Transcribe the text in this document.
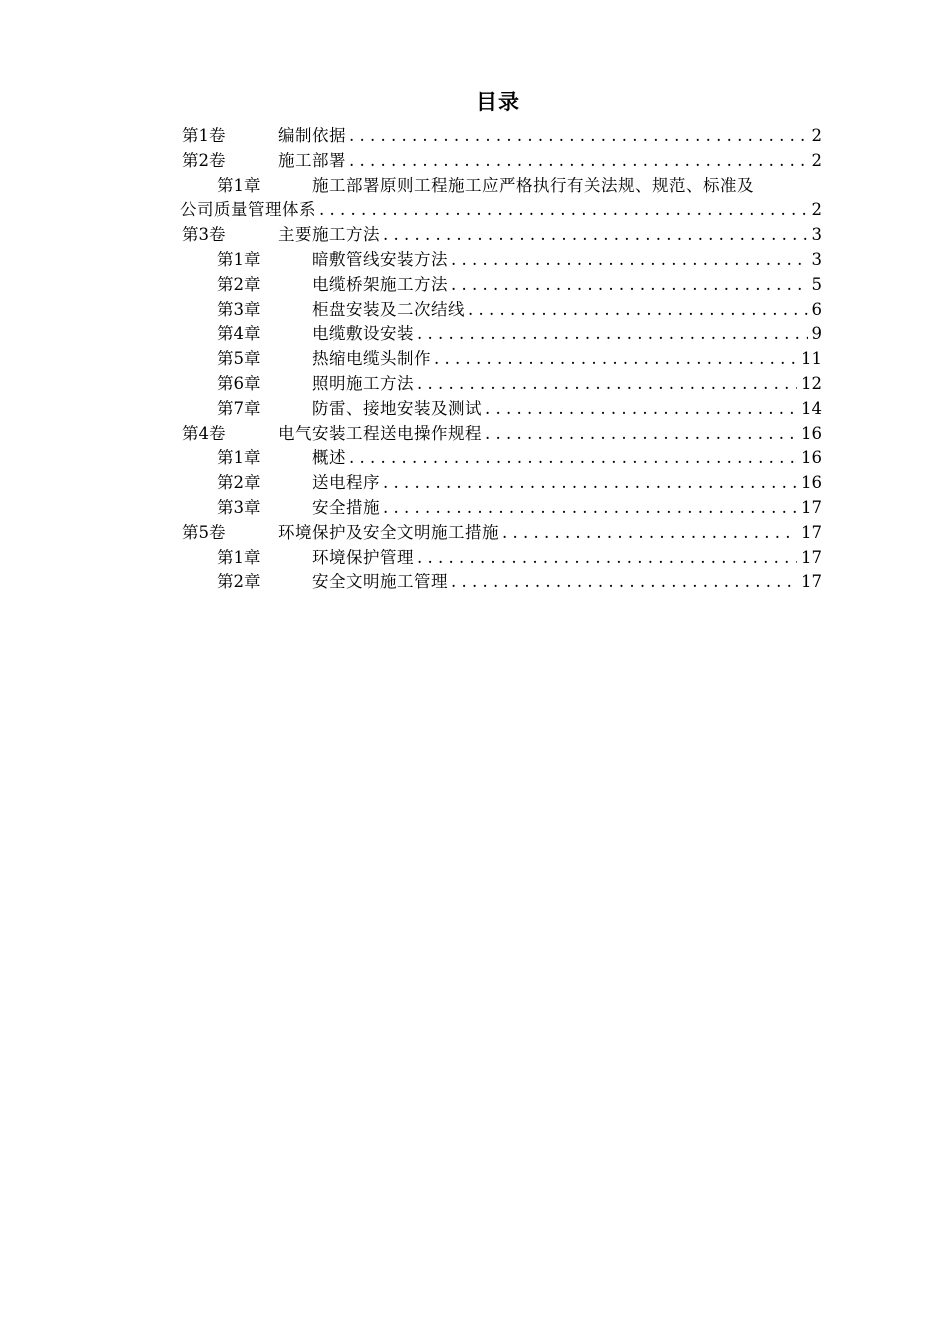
目录
第1卷	编制依据 . . .	2
第2卷	施工部署 . . .	2
第1章	施工部署原则工程施工应严格执行有关法规、规范、标准及
公司质量管理体系 . . .	2
第3卷	主要施工方法 . . .	3
第1章	暗敷管线安装方法 . . .	3
第2章	电缆桥架施工方法 . . .	5
第3章	柜盘安装及二次结线 . . .	6
第4章	电缆敷设安装 . . .	9
第5章	热缩电缆头制作 . . .	11
第6章	照明施工方法 . . .	12
第7章	防雷、接地安装及测试 . . .	14
第4卷	电气安装工程送电操作规程 . . .	16
第1章	概述 . . .	16
第2章	送电程序 . . .	16
第3章	安全措施 . . .	17
第5卷	环境保护及安全文明施工措施 . . .	17
第1章	环境保护管理 . . .	17
第2章	安全文明施工管理 . . .	17
